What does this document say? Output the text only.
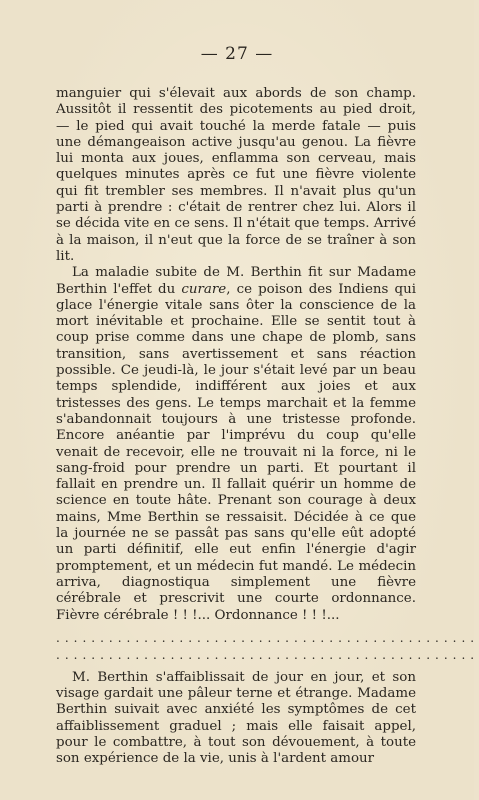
— 27 —

manguier qui s'élevait aux abords de son champ. Aussitôt il ressentit des picotements au pied droit, — le pied qui avait touché la merde fatale — puis une démangeaison active jusqu'au genou. La fièvre lui monta aux joues, enflamma son cerveau, mais quelques minutes après ce fut une fièvre violente qui fit trembler ses membres. Il n'avait plus qu'un parti à prendre : c'était de rentrer chez lui. Alors il se décida vite en ce sens. Il n'était que temps. Arrivé à la maison, il n'eut que la force de se traîner à son lit.

La maladie subite de M. Berthin fit sur Madame Berthin l'effet du curare, ce poison des Indiens qui glace l'énergie vitale sans ôter la conscience de la mort inévitable et prochaine. Elle se sentit tout à coup prise comme dans une chape de plomb, sans transition, sans avertissement et sans réaction possible. Ce jeudi-là, le jour s'était levé par un beau temps splendide, indifférent aux joies et aux tristesses des gens. Le temps marchait et la femme s'abandonnait toujours à une tristesse profonde. Encore anéantie par l'imprévu du coup qu'elle venait de recevoir, elle ne trouvait ni la force, ni le sang-froid pour prendre un parti. Et pourtant il fallait en prendre un. Il fallait quérir un homme de science en toute hâte. Prenant son courage à deux mains, Mme Berthin se ressaisit. Décidée à ce que la journée ne se passât pas sans qu'elle eût adopté un parti définitif, elle eut enfin l'énergie d'agir promptement, et un médecin fut mandé. Le médecin arriva, diagnostiqua simplement une fièvre cérébrale et prescrivit une courte ordonnance. Fièvre cérébrale ! ! !... Ordonnance ! ! !...

................................................
................................................

M. Berthin s'affaiblissait de jour en jour, et son visage gardait une pâleur terne et étrange. Madame Berthin suivait avec anxiété les symptômes de cet affaiblissement graduel ; mais elle faisait appel, pour le combattre, à tout son dévouement, à toute son expérience de la vie, unis à l'ardent amour
